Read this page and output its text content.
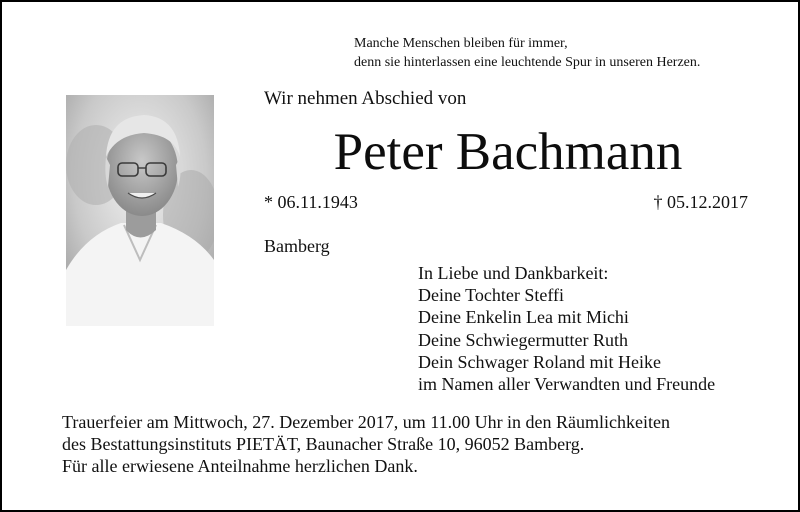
Manche Menschen bleiben für immer,
denn sie hinterlassen eine leuchtende Spur in unseren Herzen.
Wir nehmen Abschied von
Peter Bachmann
* 06.11.1943	† 05.12.2017
Bamberg
In Liebe und Dankbarkeit:
Deine Tochter Steffi
Deine Enkelin Lea mit Michi
Deine Schwiegermutter Ruth
Dein Schwager Roland mit Heike
im Namen aller Verwandten und Freunde
Trauerfeier am Mittwoch, 27. Dezember 2017, um 11.00 Uhr in den Räumlichkeiten
des Bestattungsinstituts PIETÄT, Baunacher Straße 10, 96052 Bamberg.
Für alle erwiesene Anteilnahme herzlichen Dank.
